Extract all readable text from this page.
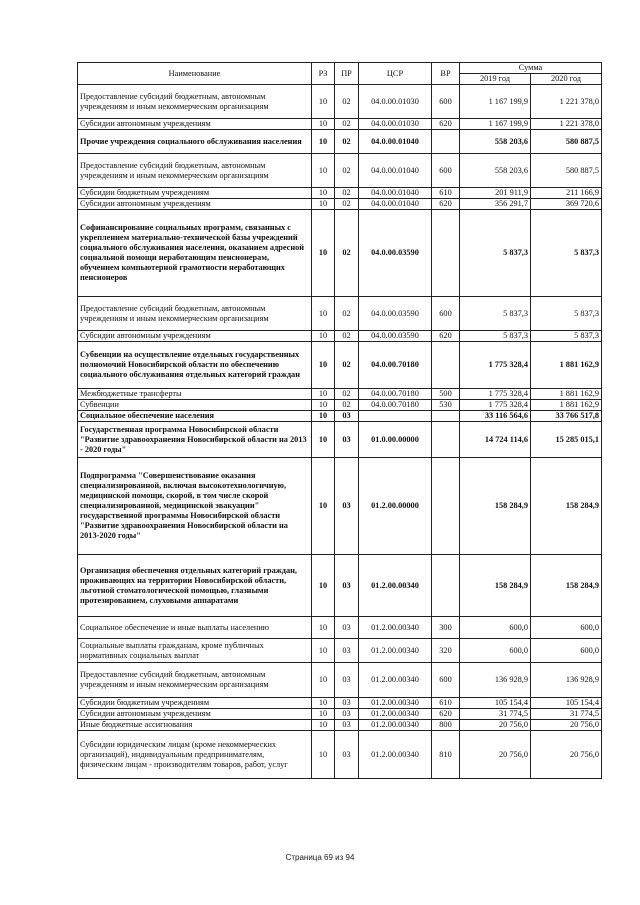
Наименование	РЗ	ПР	ЦСР	ВР	Сумма	
					2019 год	2020 год
Предоставление субсидий бюджетным, автономным учреждениям и иным некоммерческим организациям	10	02	04.0.00.01030	600	1 167 199,9	1 221 378,0
Субсидии автономным учреждениям	10	02	04.0.00.01030	620	1 167 199,9	1 221 378,0
Прочие учреждения социального обслуживания населения	10	02	04.0.00.01040		558 203,6	580 887,5
Предоставление субсидий бюджетным, автономным учреждениям и иным некоммерческим организациям	10	02	04.0.00.01040	600	558 203,6	580 887,5
Субсидии бюджетным учреждениям	10	02	04.0.00.01040	610	201 911,9	211 166,9
Субсидии автономным учреждениям	10	02	04.0.00.01040	620	356 291,7	369 720,6
Софинансирование социальных программ, связанных с укреплением материально-технической базы учреждений социального обслуживания населения, оказанием адресной социальной помощи неработающим пенсионерам, обучением компьютерной грамотности неработающих пенсионеров	10	02	04.0.00.03590		5 837,3	5 837,3
Предоставление субсидий бюджетным, автономным учреждениям и иным некоммерческим организациям	10	02	04.0.00.03590	600	5 837,3	5 837,3
Субсидии автономным учреждениям	10	02	04.0.00.03590	620	5 837,3	5 837,3
Субвенции на осуществление отдельных государственных полномочий Новосибирской области по обеспечению социального обслуживания отдельных категорий граждан	10	02	04.0.00.70180		1 775 328,4	1 881 162,9
Межбюджетные трансферты	10	02	04.0.00.70180	500	1 775 328,4	1 881 162,9
Субвенции	10	02	04.0.00.70180	530	1 775 328,4	1 881 162,9
Социальное обеспечение населения	10	03			33 116 564,6	33 766 517,8
Государственная программа Новосибирской области "Развитие здравоохранения Новосибирской области на 2013 - 2020 годы"	10	03	01.0.00.00000		14 724 114,6	15 285 015,1
Подпрограмма "Совершенствование оказания специализированной, включая высокотехнологичную, медицинской помощи, скорой, в том числе скорой специализированной, медицинской эвакуации" государственной программы Новосибирской области "Развитие здравоохранения Новосибирской области на 2013-2020 годы"	10	03	01.2.00.00000		158 284,9	158 284,9
Организация обеспечения отдельных категорий граждан, проживающих на территории Новосибирской области, льготной стоматологической помощью, глазными протезированием, слуховыми аппаратами	10	03	01.2.00.00340		158 284,9	158 284,9
Социальное обеспечение и иные выплаты населению	10	03	01.2.00.00340	300	600,0	600,0
Социальные выплаты гражданам, кроме публичных нормативных социальных выплат	10	03	01.2.00.00340	320	600,0	600,0
Предоставление субсидий бюджетным, автономным учреждениям и иным некоммерческим организациям	10	03	01.2.00.00340	600	136 928,9	136 928,9
Субсидии бюджетным учреждениям	10	03	01.2.00.00340	610	105 154,4	105 154,4
Субсидии автономным учреждениям	10	03	01.2.00.00340	620	31 774,5	31 774,5
Иные бюджетные ассигнования	10	03	01.2.00.00340	800	20 756,0	20 756,0
Субсидии юридическим лицам (кроме некоммерческих организаций), индивидуальным предпринимателям, физическим лицам - производителям товаров, работ, услуг	10	03	01.2.00.00340	810	20 756,0	20 756,0
Страница 69 из 94
